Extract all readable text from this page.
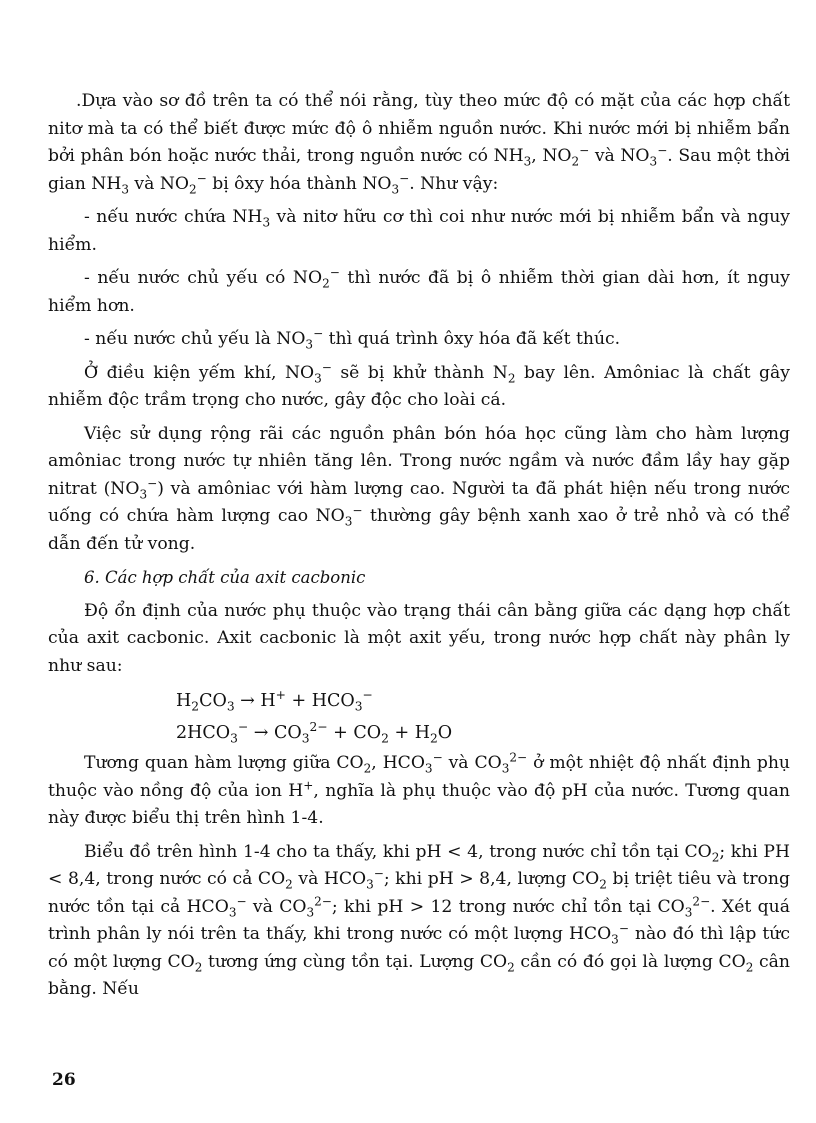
.Dựa vào sơ đồ trên ta có thể nói rằng, tùy theo mức độ có mặt của các hợp chất nitơ mà ta có thể biết được mức độ ô nhiễm nguồn nước. Khi nước mới bị nhiễm bẩn bởi phân bón hoặc nước thải, trong nguồn nước có $NH_3$, $NO_2^-$ và $NO_3^-$. Sau một thời gian $NH_3$ và $NO_2^-$ bị ôxy hóa thành $NO_3^-$. Như vậy:

- nếu nước chứa $NH_3$ và nitơ hữu cơ thì coi như nước mới bị nhiễm bẩn và nguy hiểm.

- nếu nước chủ yếu có $NO_2^-$ thì nước đã bị ô nhiễm thời gian dài hơn, ít nguy hiểm hơn.

- nếu nước chủ yếu là $NO_3^-$ thì quá trình ôxy hóa đã kết thúc.

Ở điều kiện yếm khí, $NO_3^-$ sẽ bị khử thành $N_2$ bay lên. Amôniac là chất gây nhiễm độc trầm trọng cho nước, gây độc cho loài cá.

Việc sử dụng rộng rãi các nguồn phân bón hóa học cũng làm cho hàm lượng amôniac trong nước tự nhiên tăng lên. Trong nước ngầm và nước đầm lầy hay gặp nitrat $(NO_3^-)$ và amôniac với hàm lượng cao. Người ta đã phát hiện nếu trong nước uống có chứa hàm lượng cao $NO_3^-$ thường gây bệnh xanh xao ở trẻ nhỏ và có thể dẫn đến tử vong.

6. Các hợp chất của axit cacbonic

Độ ổn định của nước phụ thuộc vào trạng thái cân bằng giữa các dạng hợp chất của axit cacbonic. Axit cacbonic là một axit yếu, trong nước hợp chất này phân ly như sau:

$H_2CO_3 \to H^+ + HCO_3^-$
$2HCO_3^- \to CO_3^{2-} + CO_2 + H_2O$

Tương quan hàm lượng giữa $CO_2$, $HCO_3^-$ và $CO_3^{2-}$ ở một nhiệt độ nhất định phụ thuộc vào nồng độ của ion H+, nghĩa là phụ thuộc vào độ pH của nước. Tương quan này được biểu thị trên hình 1-4.

Biểu đồ trên hình 1-4 cho ta thấy, khi pH < 4, trong nước chỉ tồn tại $CO_2$; khi PH < 8,4, trong nước có cả $CO_2$ và $HCO_3^-$; khi pH > 8,4, lượng $CO_2$ bị triệt tiêu và trong nước tồn tại cả $HCO_3^-$ và $CO_3^{2-}$; khi pH > 12 trong nước chỉ tồn tại $CO_3^{2-}$. Xét quá trình phân ly nói trên ta thấy, khi trong nước có một lượng $HCO_3^-$ nào đó thì lập tức có một lượng $CO_2$ tương ứng cùng tồn tại. Lượng $CO_2$ cần có đó gọi là lượng $CO_2$ cân bằng. Nếu

26
